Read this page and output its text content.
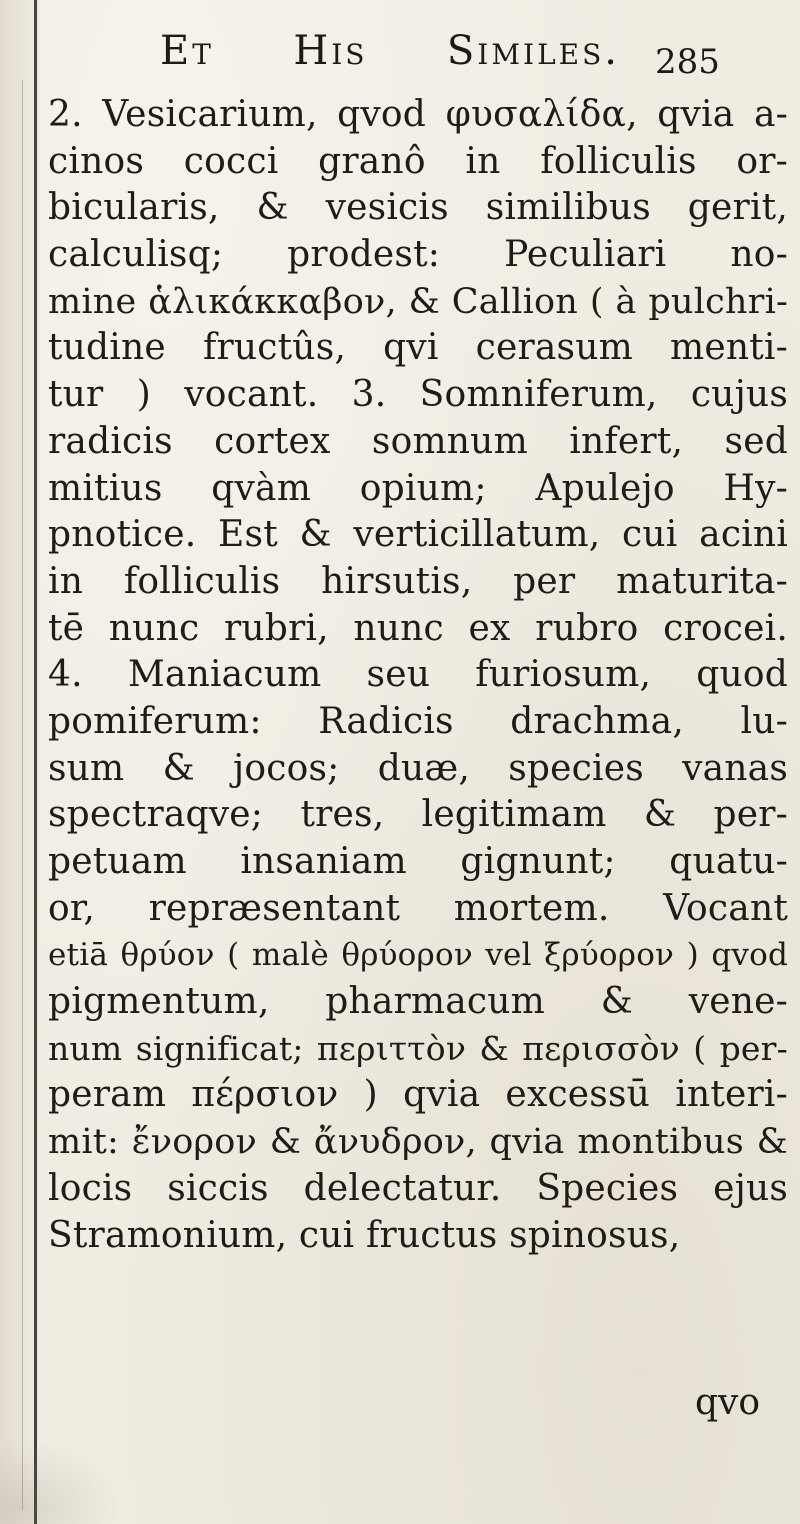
Et His Similes. 285
2. Vesicarium, qvod φυσαλίδα, qvia a-
cinos cocci granô in folliculis or-
bicularis, & vesicis similibus gerit,
calculisq; prodest: Peculiari no-
mine ἁλικάκκαβον, & Callion ( à pulchri-
tudine fructûs, qvi cerasum menti-
tur ) vocant. 3. Somniferum, cujus
radicis cortex somnum infert, sed
mitius qvàm opium; Apulejo Hy-
pnotice. Est & verticillatum, cui acini
in folliculis hirsutis, per maturita-
tē nunc rubri, nunc ex rubro crocei.
4. Maniacum seu furiosum, quod
pomiferum: Radicis drachma, lu-
sum & jocos; duæ, species vanas
spectraqve; tres, legitimam & per-
petuam insaniam gignunt; quatu-
or, repræsentant mortem. Vocant
etiā θρύον ( malè θρύορον vel ξρύορον ) qvod
pigmentum, pharmacum & vene-
num significat; περιττὸν & περισσὸν ( per-
peram πέρσιον ) qvia excessū interi-
mit: ἔνορον & ἄνυδρον, qvia montibus &
locis siccis delectatur. Species ejus
Stramonium, cui fructus spinosus,
qvo
